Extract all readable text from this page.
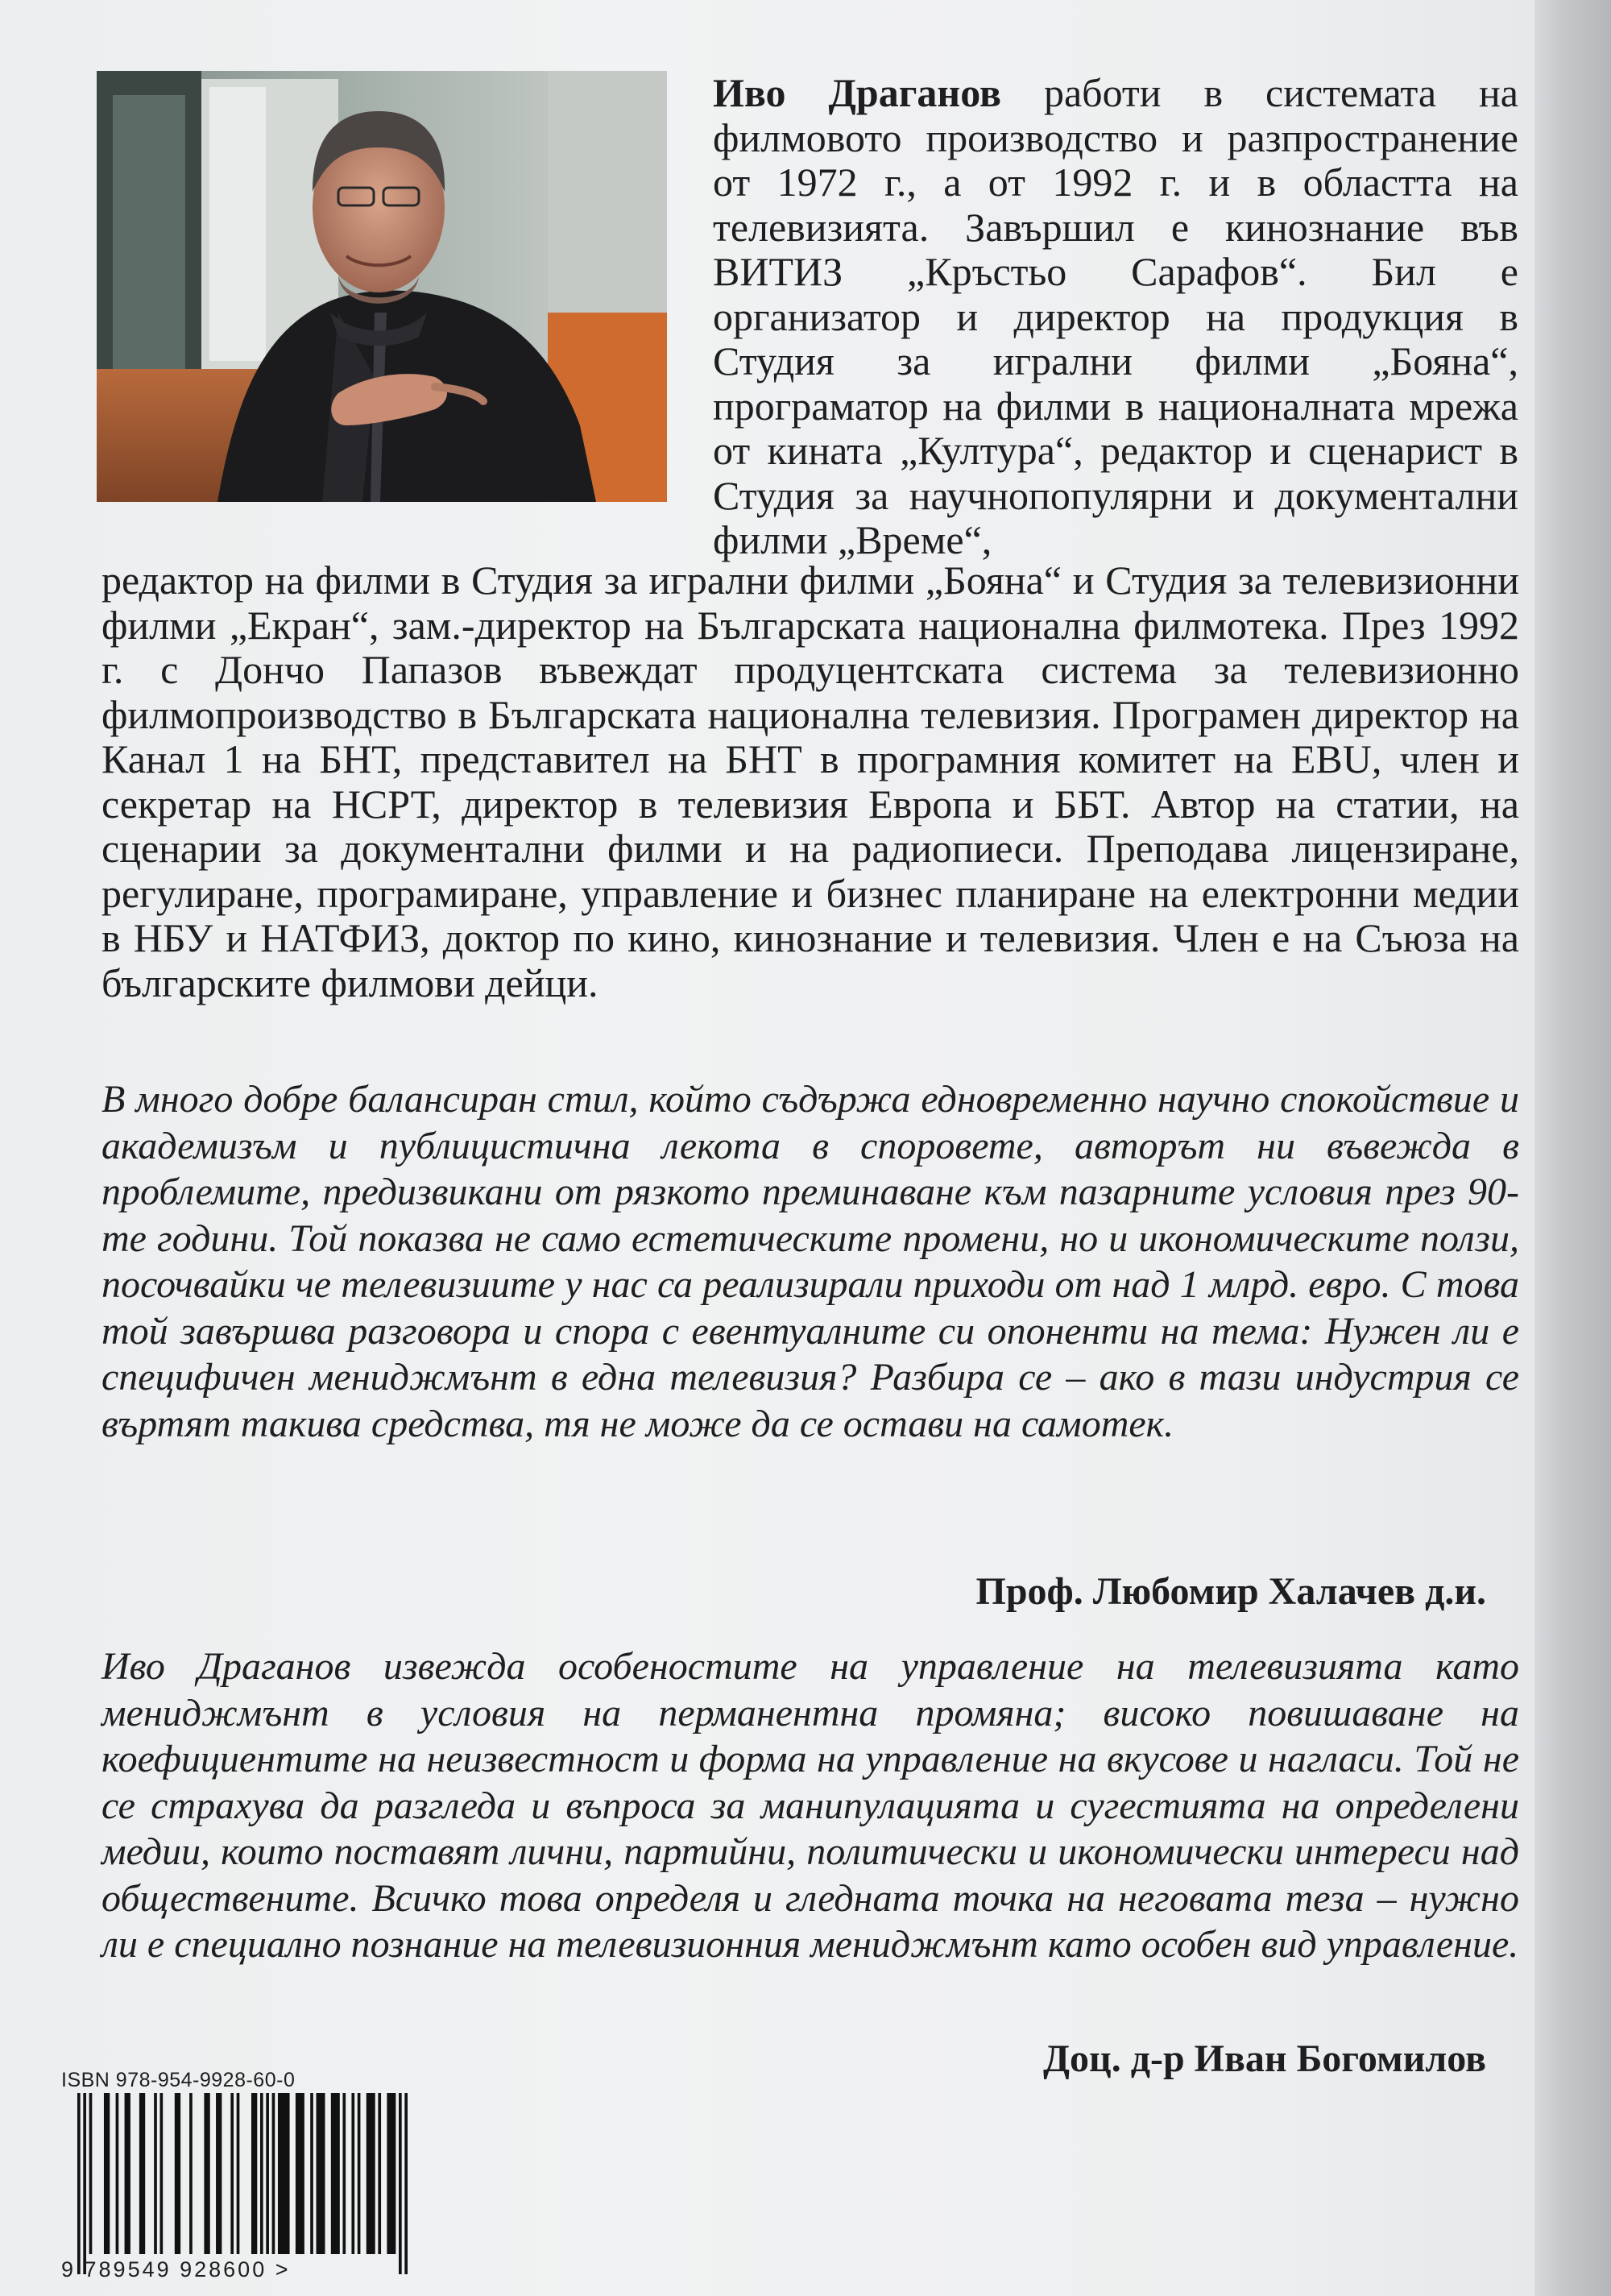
Иво Драганов работи в системата на филмовото производство и разпространение от 1972 г., а от 1992 г. и в областта на телевизията. Завършил е кинознание във ВИТИЗ „Кръстьо Сарафов“. Бил е организатор и директор на продукция в Студия за игрални филми „Бояна“, програматор на филми в националната мрежа от кината „Култура“, редактор и сценарист в Студия за научнопопулярни и документални филми „Време“,
редактор на филми в Студия за игрални филми „Бояна“ и Студия за телевизионни филми „Екран“, зам.-директор на Българската национална филмотека. През 1992 г. с Дончо Папазов въвеждат продуцентската система за телевизионно филмопроизводство в Българската национална телевизия. Програмен директор на Канал 1 на БНТ, представител на БНТ в програмния комитет на EBU, член и секретар на НСРТ, директор в телевизия Европа и ББТ. Автор на статии, на сценарии за документални филми и на радиопиеси. Преподава лицензиране, регулиране, програмиране, управление и бизнес планиране на електронни медии в НБУ и НАТФИЗ, доктор по кино, кинознание и телевизия. Член е на Съюза на българските филмови дейци.
В много добре балансиран стил, който съдържа едновременно научно спокойствие и академизъм и публицистична лекота в споровете, авторът ни въвежда в проблемите, предизвикани от рязкото преминаване към пазарните условия през 90-те години. Той показва не само естетическите промени, но и икономическите ползи, посочвайки че телевизиите у нас са реализирали приходи от над 1 млрд. евро. С това той завършва разговора и спора с евентуалните си опоненти на тема: Нужен ли е специфичен мениджмънт в една телевизия? Разбира се – ако в тази индустрия се въртят такива средства, тя не може да се остави на самотек.
Проф. Любомир Халачев д.и.
Иво Драганов извежда особеностите на управление на телевизията като мениджмънт в условия на перманентна промяна; високо повишаване на коефициентите на неизвестност и форма на управление на вкусове и нагласи. Той не се страхува да разгледа и въпроса за манипулацията и сугестията на определени медии, които поставят лични, партийни, политически и икономически интереси над обществените. Всичко това определя и гледната точка на неговата теза – нужно ли е специално познание на телевизионния мениджмънт като особен вид управление.
Доц. д-р Иван Богомилов
ISBN 978-954-9928-60-0
9 789549 928600 >
